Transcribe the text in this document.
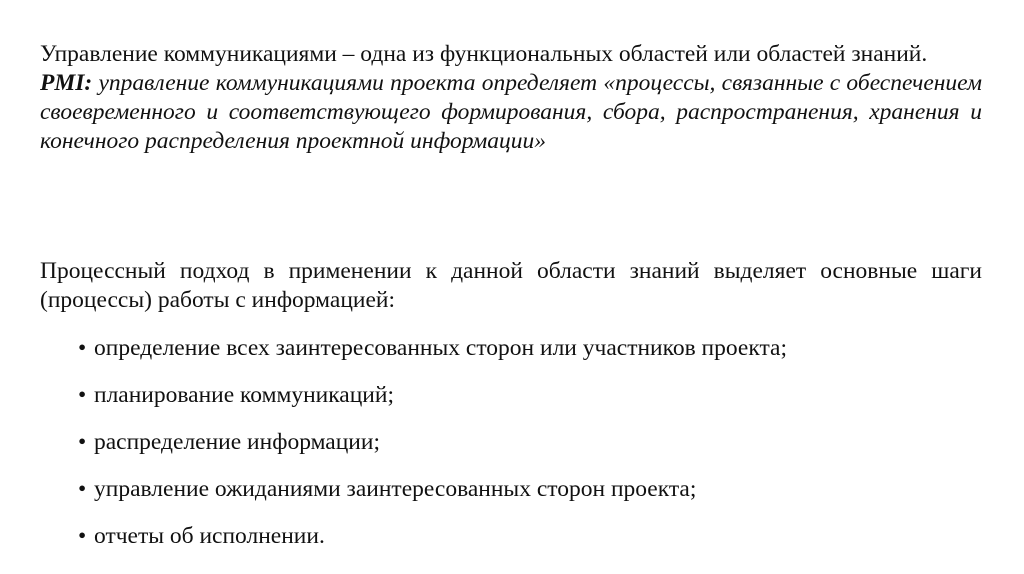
Управление коммуникациями – одна из функциональных областей или областей знаний.

PMI: управление коммуникациями проекта определяет «процессы, связанные с обеспечением своевременного и соответствующего формирования, сбора, распространения, хранения и конечного распределения проектной информации»

Процессный подход в применении к данной области знаний выделяет основные шаги (процессы) работы с информацией:

• определение всех заинтересованных сторон или участников проекта;
• планирование коммуникаций;
• распределение информации;
• управление ожиданиями заинтересованных сторон проекта;
• отчеты об исполнении.
